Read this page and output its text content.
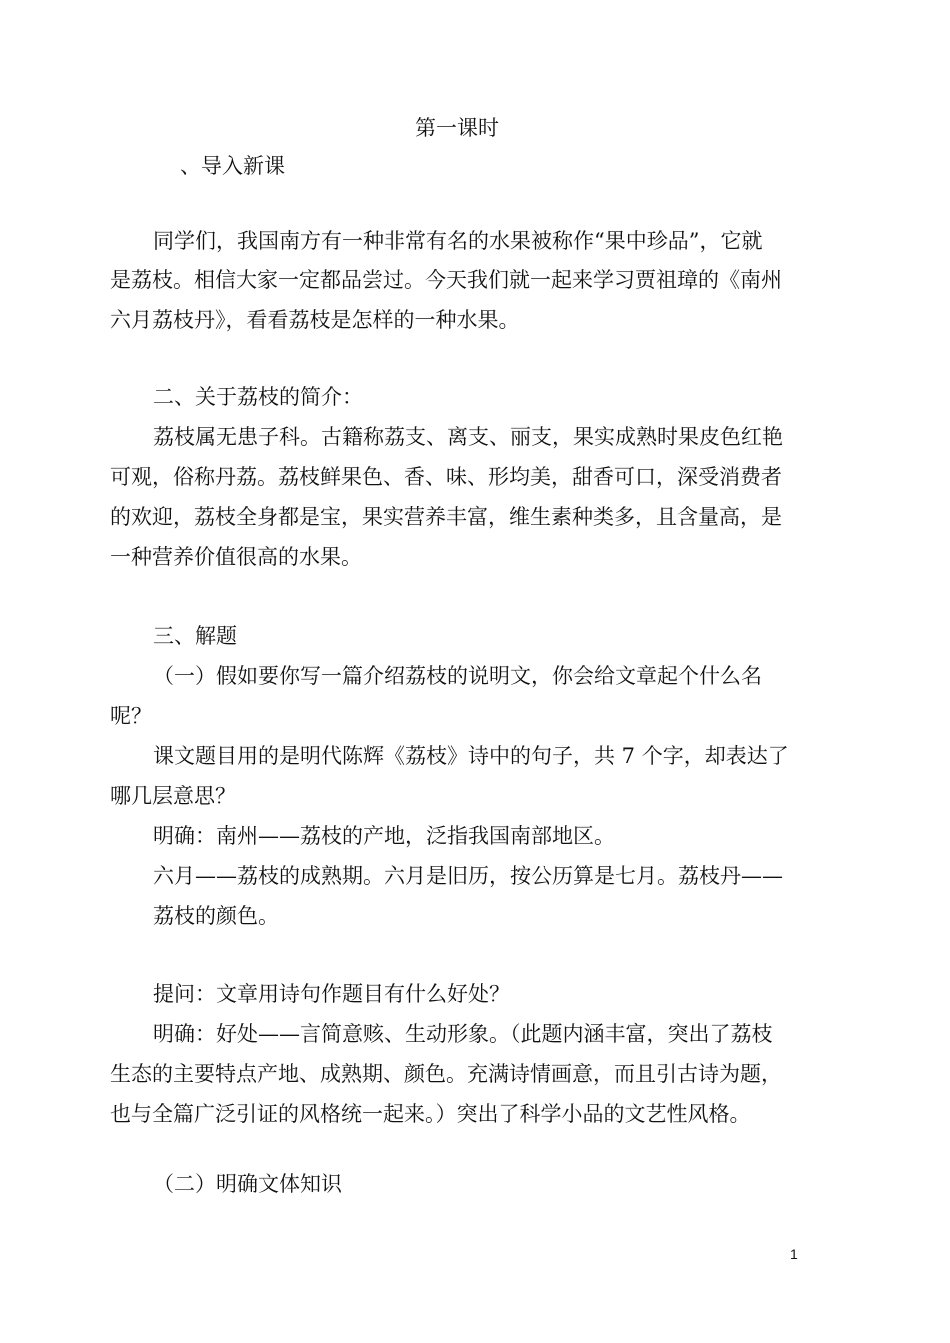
第一课时
、导入新课
同学们，我国南方有一种非常有名的水果被称作“果中珍品”，它就
是荔枝。相信大家一定都品尝过。今天我们就一起来学习贾祖璋的《南州
六月荔枝丹》，看看荔枝是怎样的一种水果。
二、关于荔枝的简介：
荔枝属无患子科。古籍称荔支、离支、丽支，果实成熟时果皮色红艳
可观，俗称丹荔。荔枝鲜果色、香、味、形均美，甜香可口，深受消费者
的欢迎，荔枝全身都是宝，果实营养丰富，维生素种类多，且含量高，是
一种营养价值很高的水果。
三、解题
（一）假如要你写一篇介绍荔枝的说明文，你会给文章起个什么名
呢？
课文题目用的是明代陈辉《荔枝》诗中的句子，共 7 个字，却表达了
哪几层意思？
明确：南州——荔枝的产地，泛指我国南部地区。
六月——荔枝的成熟期。六月是旧历，按公历算是七月。荔枝丹——
荔枝的颜色。
提问：文章用诗句作题目有什么好处？
明确：好处——言简意赅、生动形象。（此题内涵丰富，突出了荔枝
生态的主要特点产地、成熟期、颜色。充满诗情画意，而且引古诗为题，
也与全篇广泛引证的风格统一起来。）突出了科学小品的文艺性风格。
（二）明确文体知识
1
